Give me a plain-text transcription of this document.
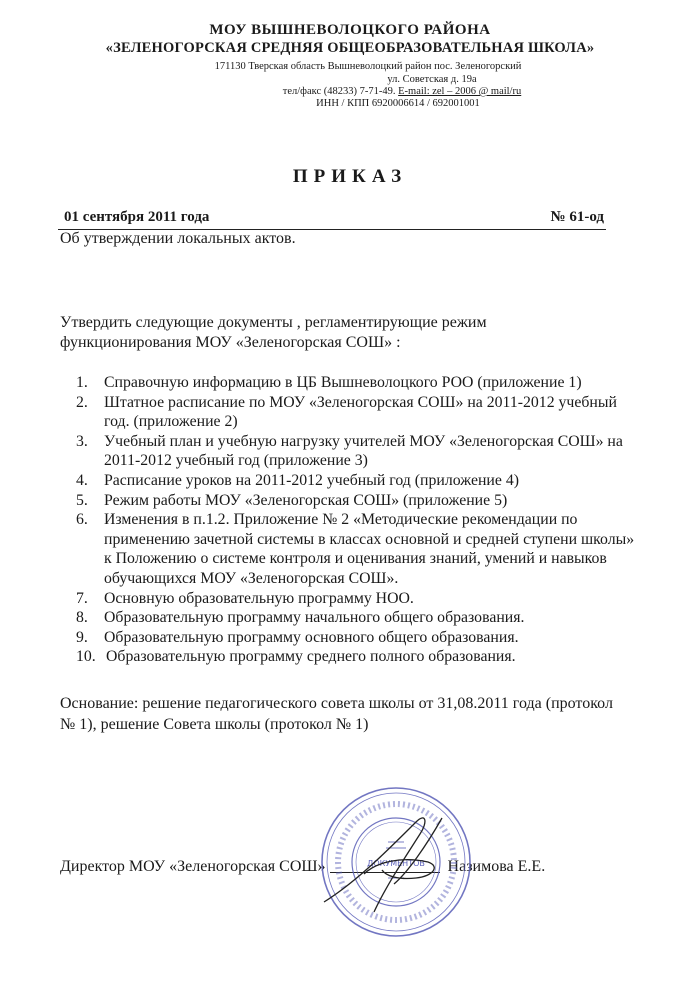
МОУ ВЫШНЕВОЛОЦКОГО РАЙОНА
«ЗЕЛЕНОГОРСКАЯ СРЕДНЯЯ ОБЩЕОБРАЗОВАТЕЛЬНАЯ ШКОЛА»
171130 Тверская область Вышневолоцкий район пос. Зеленогорский
ул. Советская д. 19а
тел/факс (48233) 7-71-49. E-mail: zel – 2006 @ mail/ru
ИНН / КПП 6920006614 / 692001001
ПРИКАЗ
01 сентября 2011 года	№ 61-од
Об утверждении локальных актов.
Утвердить следующие документы , регламентирующие режим функционирования МОУ «Зеленогорская СОШ» :
1. Справочную информацию в ЦБ Вышневолоцкого РОО (приложение 1)
2. Штатное расписание по МОУ «Зеленогорская СОШ» на 2011-2012 учебный год. (приложение 2)
3. Учебный план и учебную нагрузку учителей МОУ «Зеленогорская СОШ» на 2011-2012 учебный год (приложение 3)
4. Расписание уроков на 2011-2012 учебный год (приложение 4)
5. Режим работы МОУ «Зеленогорская СОШ» (приложение 5)
6. Изменения в п.1.2. Приложение № 2 «Методические рекомендации по применению зачетной системы в классах основной и средней ступени школы» к Положению о системе контроля и оценивания знаний, умений и навыков обучающихся МОУ «Зеленогорская СОШ».
7. Основную образовательную программу НОО.
8. Образовательную программу начального общего образования.
9. Образовательную программу основного общего образования.
10. Образовательную программу среднего полного образования.
Основание: решение педагогического совета школы от 31,08.2011 года (протокол № 1), решение Совета школы (протокол № 1)
Директор МОУ «Зеленогорская СОШ»	Назимова Е.Е.
ДОКУМЕНТОВ
